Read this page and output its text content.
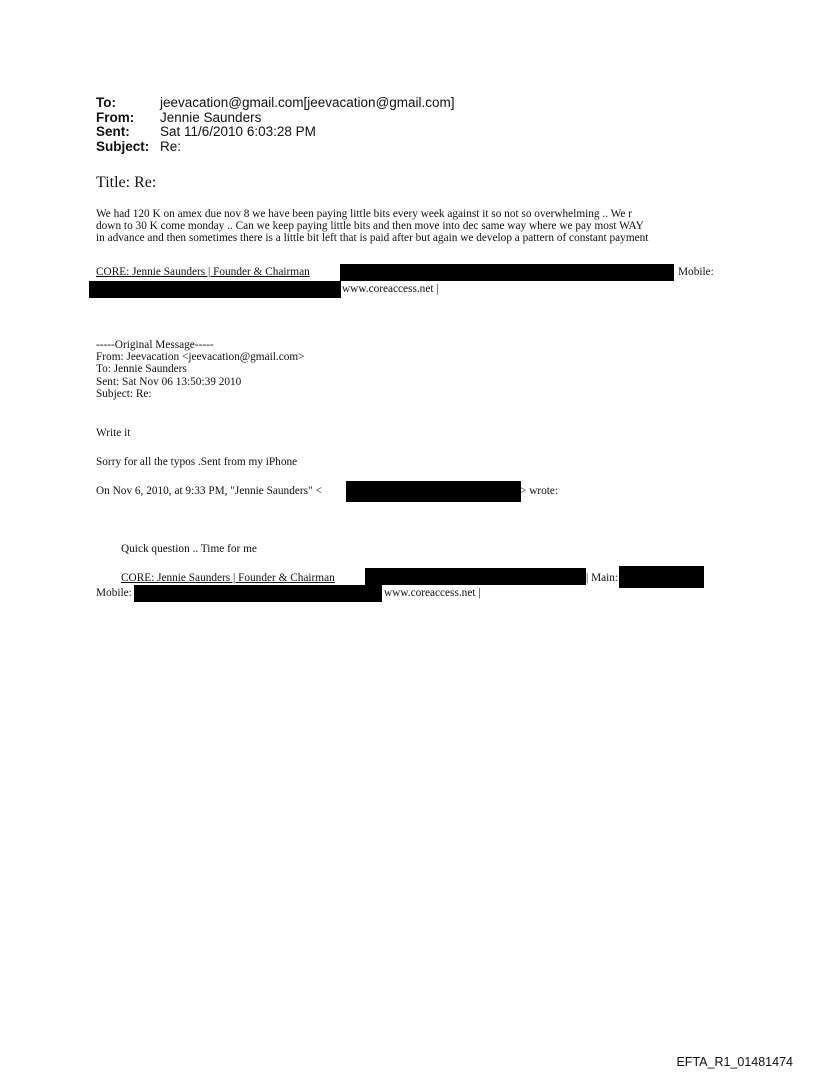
To:	jeevacation@gmail.com[jeevacation@gmail.com]
From:	Jennie Saunders
Sent:	Sat 11/6/2010 6:03:28 PM
Subject: Re:
Title: Re:
We had 120 K on amex due nov 8 we have been paying little bits every week against it so not so overwhelming .. We r
down to 30 K come monday .. Can we keep paying little bits and then move into dec same way where we pay most WAY
in advance and then sometimes there is a little bit left that is paid after but again we develop a pattern of constant payment
CORE: Jennie Saunders | Founder & Chairman	Mobile:
www.coreaccess.net |
-----Original Message-----
From: Jeevacation <jeevacation@gmail.com>
To: Jennie Saunders
Sent: Sat Nov 06 13:50:39 2010
Subject: Re:
Write it
Sorry for all the typos .Sent from my iPhone
On Nov 6, 2010, at 9:33 PM, "Jennie Saunders" <	> wrote:
Quick question .. Time for me
CORE: Jennie Saunders | Founder & Chairman	| Main:
Mobile:	www.coreaccess.net |
EFTA_R1_01481474
